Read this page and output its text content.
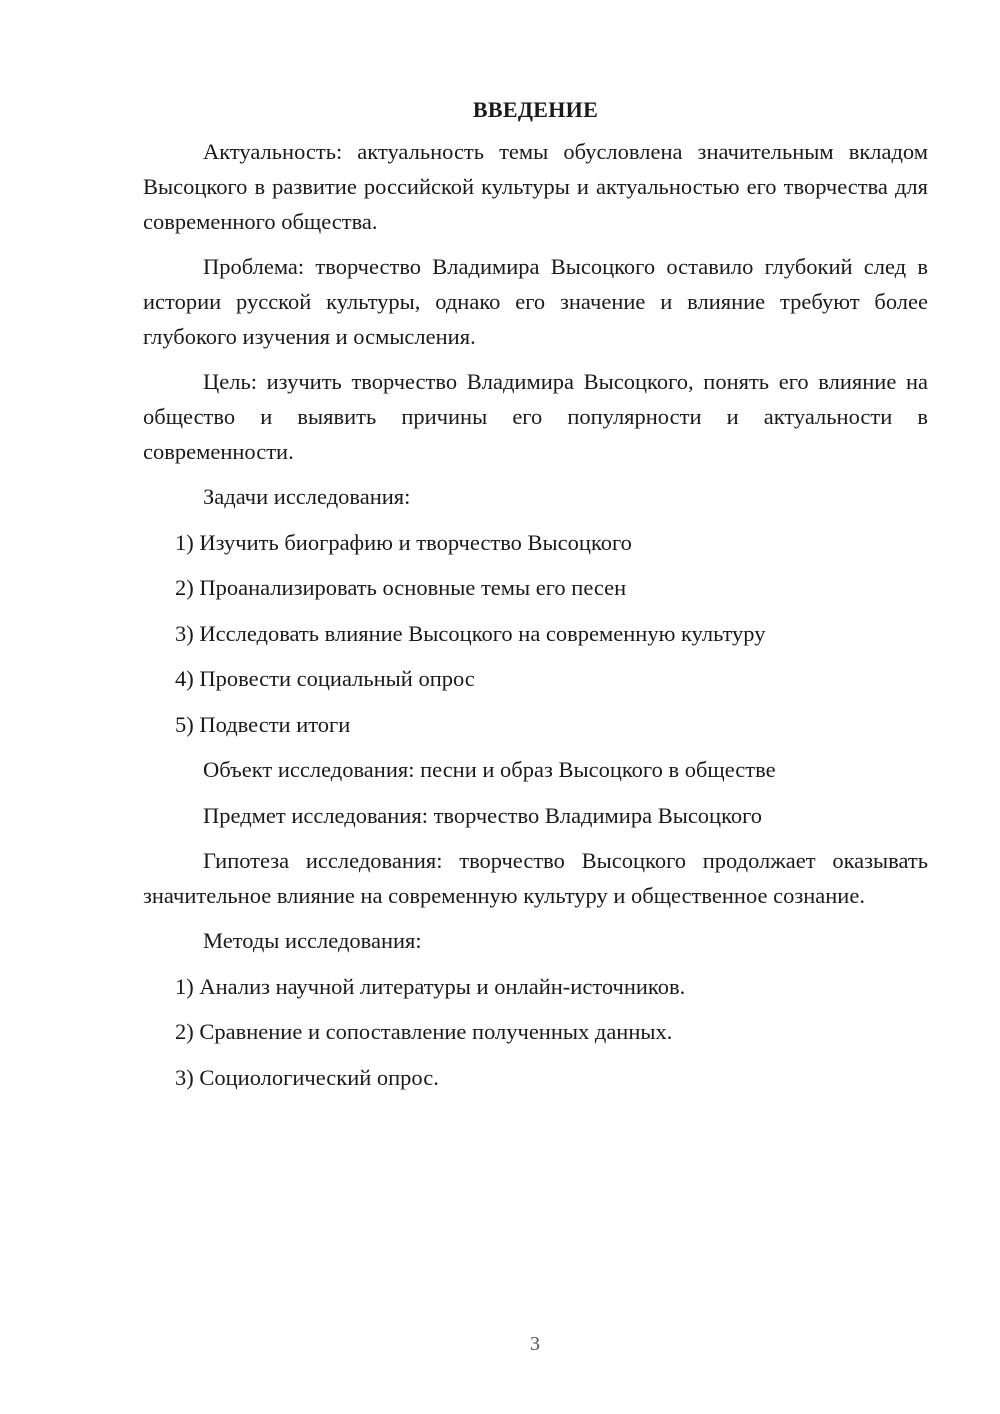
ВВЕДЕНИЕ

Актуальность: актуальность темы обусловлена значительным вкладом Высоцкого в развитие российской культуры и актуальностью его творчества для современного общества.

Проблема: творчество Владимира Высоцкого оставило глубокий след в истории русской культуры, однако его значение и влияние требуют более глубокого изучения и осмысления.

Цель: изучить творчество Владимира Высоцкого, понять его влияние на общество и выявить причины его популярности и актуальности в современности.

Задачи исследования:
1) Изучить биографию и творчество Высоцкого
2) Проанализировать основные темы его песен
3) Исследовать влияние Высоцкого на современную культуру
4) Провести социальный опрос
5) Подвести итоги
Объект исследования: песни и образ Высоцкого в обществе
Предмет исследования: творчество Владимира Высоцкого

Гипотеза исследования: творчество Высоцкого продолжает оказывать значительное влияние на современную культуру и общественное сознание.

Методы исследования:
1) Анализ научной литературы и онлайн-источников.
2) Сравнение и сопоставление полученных данных.
3) Социологический опрос.
3
